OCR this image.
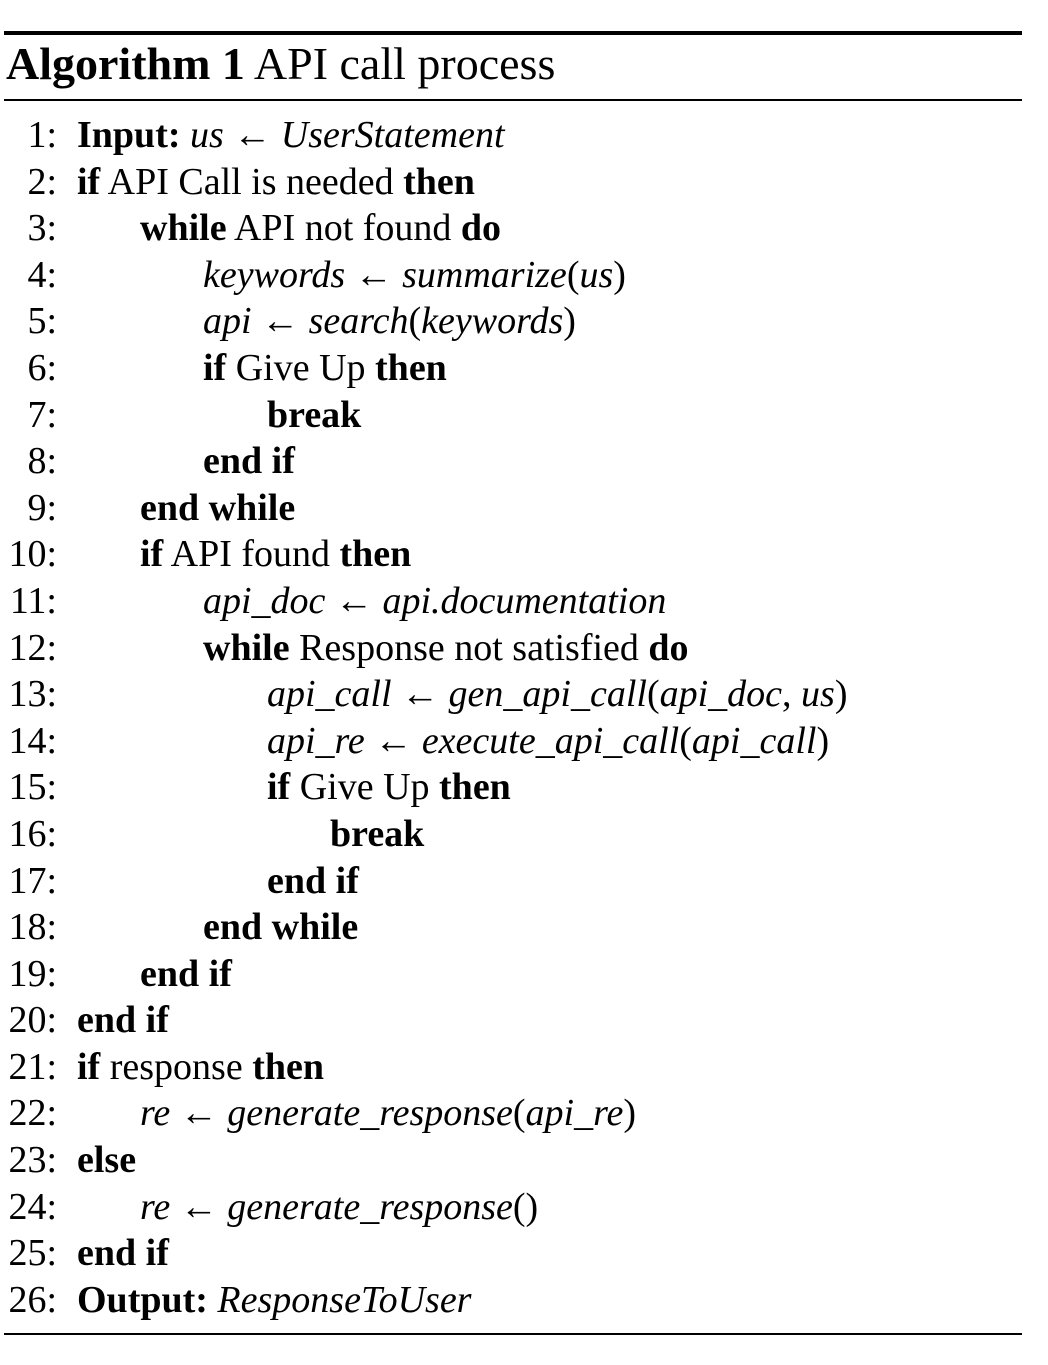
Algorithm 1 API call process
1: Input: us ← UserStatement
2: if API Call is needed then
3: while API not found do
4:	keywords ← summarize(us)
5:	api ← search(keywords)
6:	if Give Up then
7:	break
8:	end if
9: end while
10: if API found then
11:	api_doc ← api.documentation
12:	while Response not satisfied do
13:	api_call ← gen_api_call(api_doc, us)
14:	api_re ← execute_api_call(api_call)
15:	if Give Up then
16:	break
17:	end if
18:	end while
19: end if
20: end if
21: if response then
22: re ← generate_response(api_re)
23: else
24: re ← generate_response()
25: end if
26: Output: ResponseToUser
